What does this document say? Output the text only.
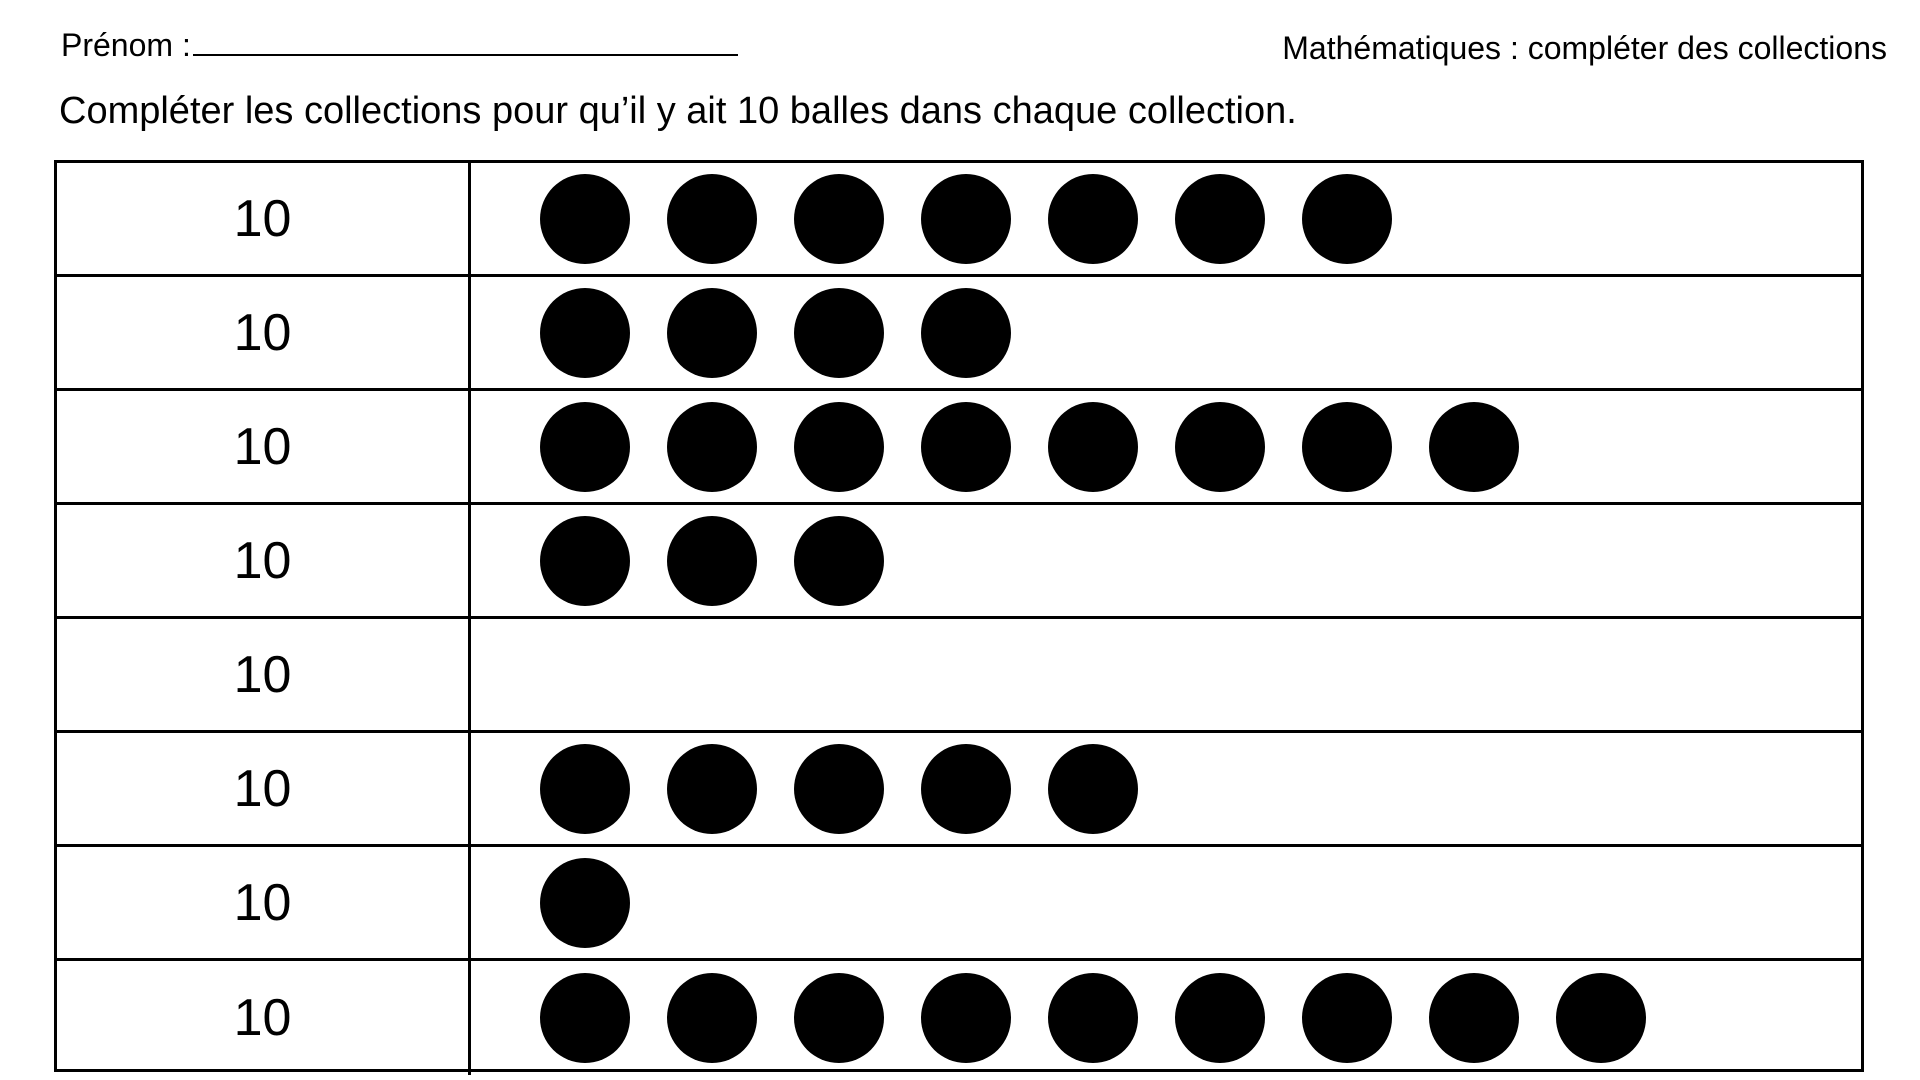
Prénom :	Mathématiques : compléter des collections
Compléter les collections pour qu’il y ait 10 balles dans chaque collection.
10
10
10
10
10
10
10
10
